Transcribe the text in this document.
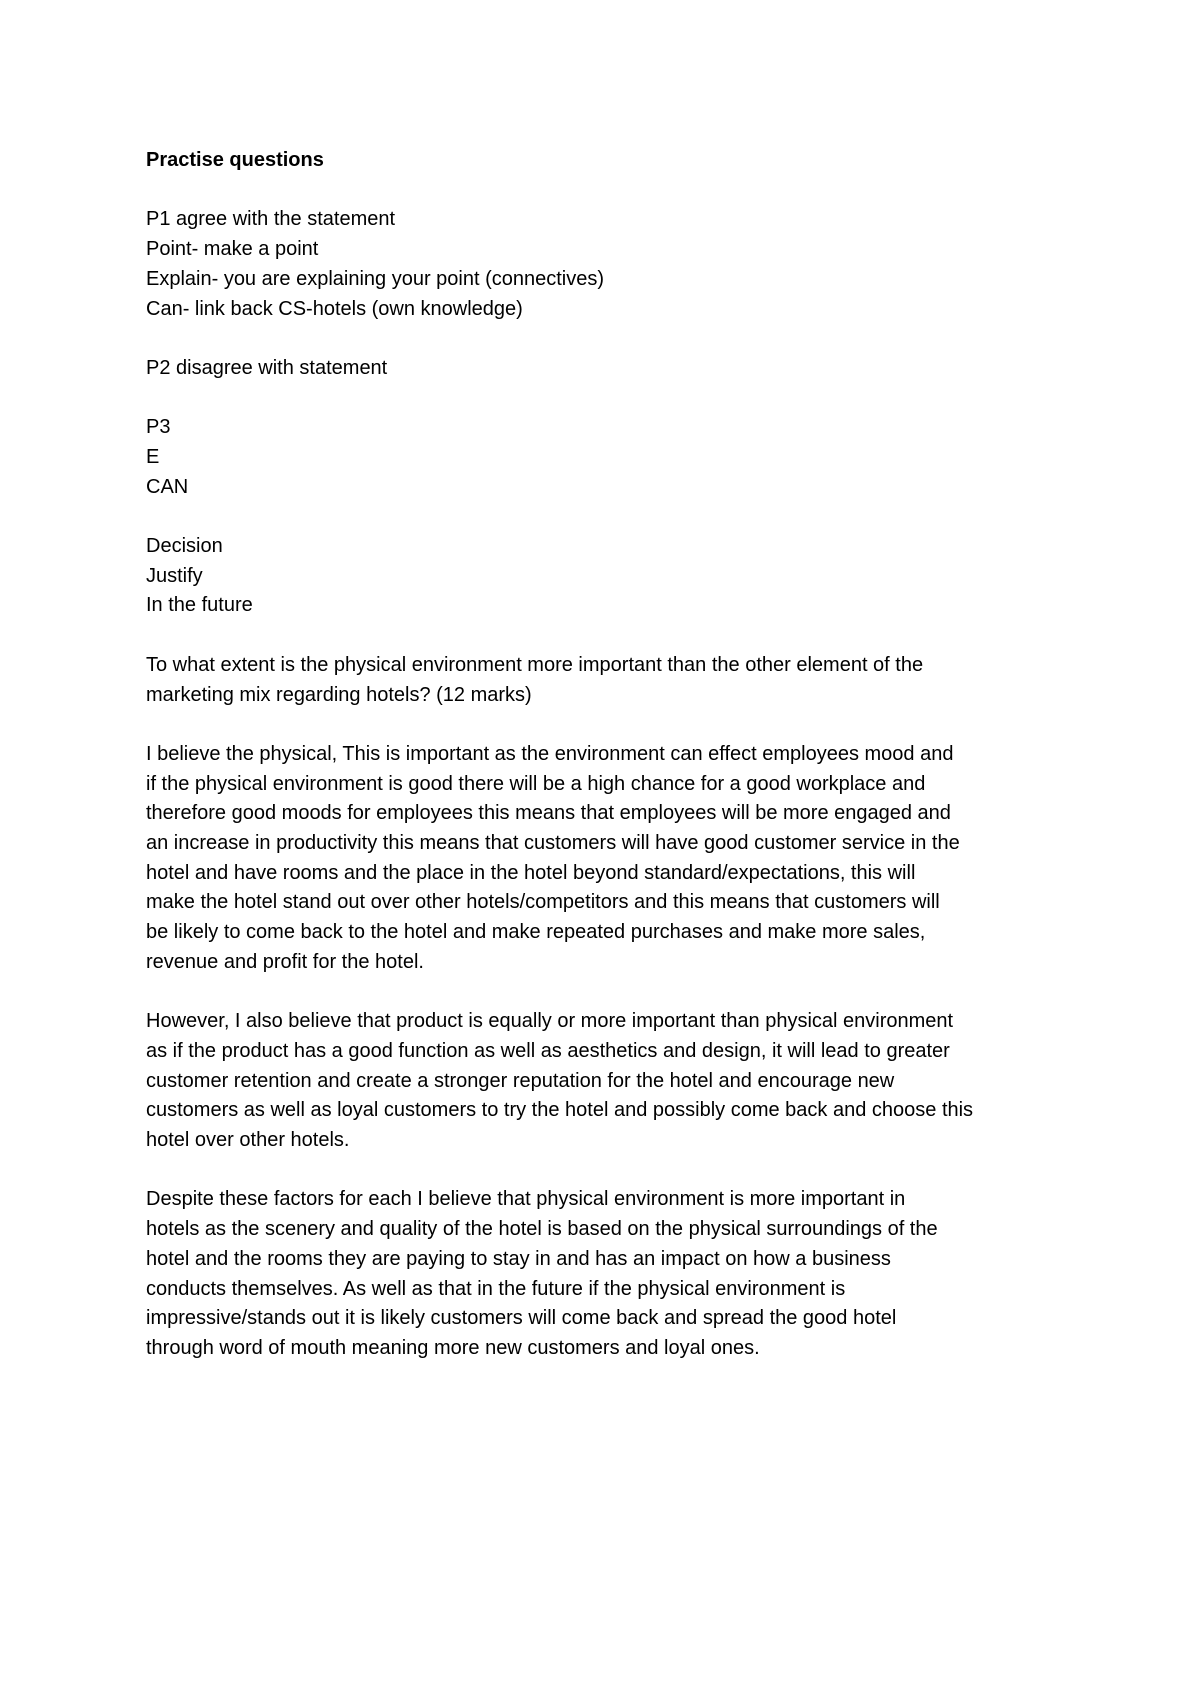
Practise questions
P1 agree with the statement
Point- make a point
Explain- you are explaining your point (connectives)
Can- link back CS-hotels (own knowledge)
P2 disagree with statement
P3
E
CAN
Decision
Justify
In the future
To what extent is the physical environment more important than the other element of the
marketing mix regarding hotels? (12 marks)
I believe the physical, This is important as the environment can effect employees mood and
if the physical environment is good there will be a high chance for a good workplace and
therefore good moods for employees this means that employees will be more engaged and
an increase in productivity this means that customers will have good customer service in the
hotel and have rooms and the place in the hotel beyond standard/expectations, this will
make the hotel stand out over other hotels/competitors and this means that customers will
be likely to come back to the hotel and make repeated purchases and make more sales,
revenue and profit for the hotel.
However, I also believe that product is equally or more important than physical environment
as if the product has a good function as well as aesthetics and design, it will lead to greater
customer retention and create a stronger reputation for the hotel and encourage new
customers as well as loyal customers to try the hotel and possibly come back and choose this
hotel over other hotels.
Despite these factors for each I believe that physical environment is more important in
hotels as the scenery and quality of the hotel is based on the physical surroundings of the
hotel and the rooms they are paying to stay in and has an impact on how a business
conducts themselves. As well as that in the future if the physical environment is
impressive/stands out it is likely customers will come back and spread the good hotel
through word of mouth meaning more new customers and loyal ones.
